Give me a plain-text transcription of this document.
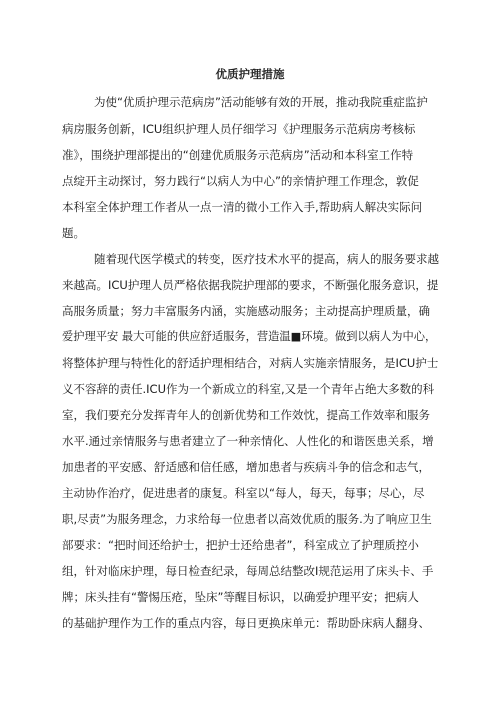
优质护理措施
为使“优质护理示范病房”活动能够有效的开展，推动我院重症监护
病房服务创新，ICU组织护理人员仔细学习《护理服务示范病房考核标
准》，围绕护理部提出的“创建优质服务示范病房”活动和本科室工作特
点绽开主动探讨，努力践行“以病人为中心”的亲情护理工作理念，敦促
本科室全体护理工作者从一点一清的微小工作入手,帮助病人解决实际问
题。
随着现代医学模式的转变，医疗技术水平的提高，病人的服务要求越
来越高。ICU护理人员严格依据我院护理部的要求，不断强化服务意识，提
高服务质量；努力丰富服务内涵，实施感动服务；主动提高护理质量，确
爱护理平安 最大可能的供应舒适服务，营造温■环境。做到以病人为中心，
将整体护理与特性化的舒适护理相结合，对病人实施亲情服务，是ICU护士
义不容辞的责任.ICU作为一个新成立的科室,又是一个青年占绝大多数的科
室，我们要充分发挥青年人的创新优势和工作效忱，提高工作效率和服务
水平.通过亲情服务与患者建立了一种亲情化、人性化的和谐医患关系，增
加患者的平安感、舒适感和信任感，增加患者与疾病斗争的信念和志气，
主动协作治疗，促进患者的康复。科室以“每人，每天，每事；尽心，尽
职,尽责”为服务理念，力求给每一位患者以高效优质的服务.为了响应卫生
部要求：“把时间还给护士，把护士还给患者”，科室成立了护理质控小
组，针对临床护理，每日检查纪录，每周总结整改I规范运用了床头卡、手
牌；床头挂有“警惕压疮，坠床”等醒目标识，以确爱护理平安；把病人
的基础护理作为工作的重点内容，每日更换床单元：帮助卧床病人翻身、
